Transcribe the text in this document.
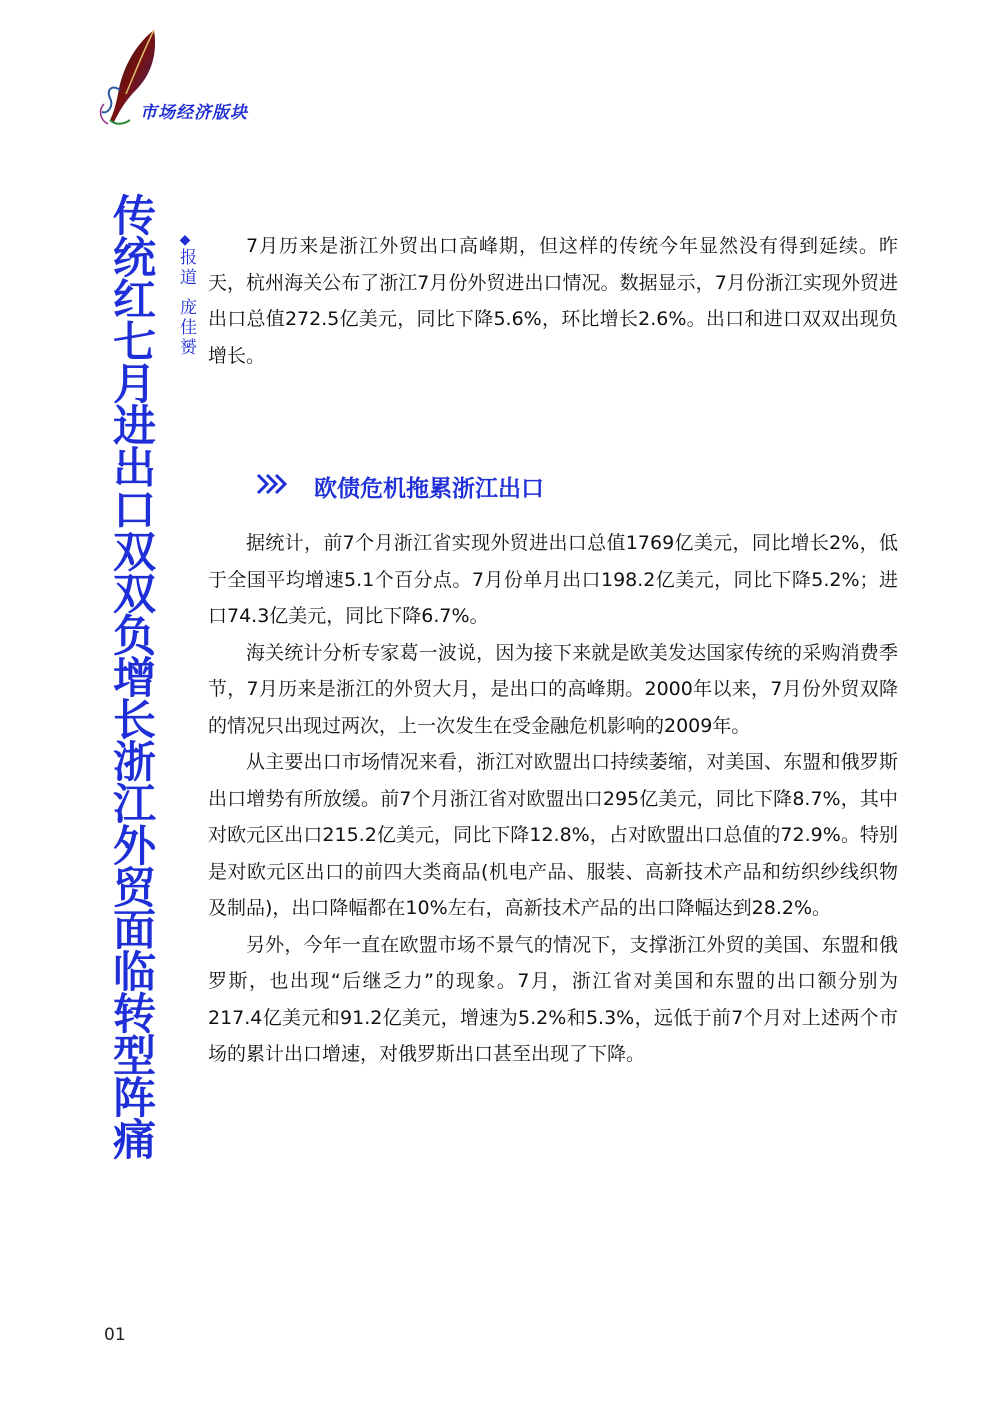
市场经济版块
传统红七月进出口双双负增长浙江外贸面临转型阵痛	◆
报道
庞佳赟

7月历来是浙江外贸出口高峰期，但这样的传统今年显然没有得到延续。昨天，杭州海关公布了浙江7月份外贸进出口情况。数据显示，7月份浙江实现外贸进出口总值272.5亿美元，同比下降5.6%，环比增长2.6%。出口和进口双双出现负增长。

欧债危机拖累浙江出口

据统计，前7个月浙江省实现外贸进出口总值1769亿美元，同比增长2%，低于全国平均增速5.1个百分点。7月份单月出口198.2亿美元，同比下降5.2%；进口74.3亿美元，同比下降6.7%。

海关统计分析专家葛一波说，因为接下来就是欧美发达国家传统的采购消费季节，7月历来是浙江的外贸大月，是出口的高峰期。2000年以来，7月份外贸双降的情况只出现过两次，上一次发生在受金融危机影响的2009年。

从主要出口市场情况来看，浙江对欧盟出口持续萎缩，对美国、东盟和俄罗斯出口增势有所放缓。前7个月浙江省对欧盟出口295亿美元，同比下降8.7%，其中对欧元区出口215.2亿美元，同比下降12.8%，占对欧盟出口总值的72.9%。特别是对欧元区出口的前四大类商品(机电产品、服装、高新技术产品和纺织纱线织物及制品)，出口降幅都在10%左右，高新技术产品的出口降幅达到28.2%。

另外，今年一直在欧盟市场不景气的情况下，支撑浙江外贸的美国、东盟和俄罗斯，也出现“后继乏力”的现象。7月，浙江省对美国和东盟的出口额分别为217.4亿美元和91.2亿美元，增速为5.2%和5.3%，远低于前7个月对上述两个市场的累计出口增速，对俄罗斯出口甚至出现了下降。

01
